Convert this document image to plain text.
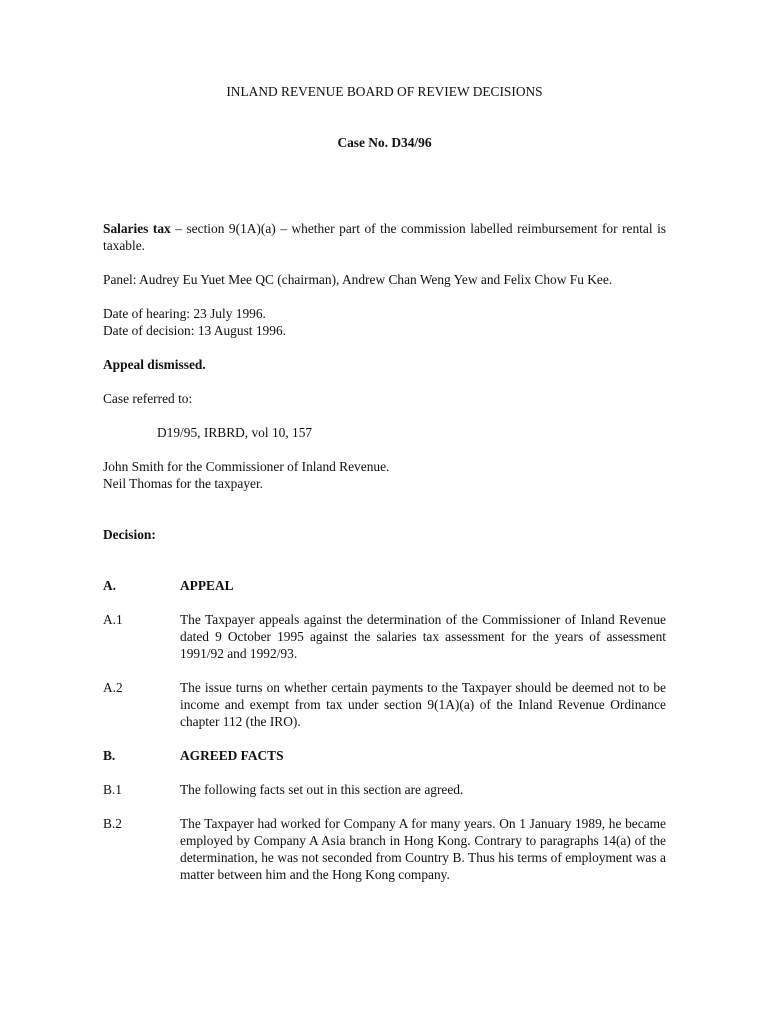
INLAND REVENUE BOARD OF REVIEW DECISIONS

Case No. D34/96

Salaries tax – section 9(1A)(a) – whether part of the commission labelled reimbursement for rental is taxable.

Panel: Audrey Eu Yuet Mee QC (chairman), Andrew Chan Weng Yew and Felix Chow Fu Kee.

Date of hearing: 23 July 1996.

Date of decision: 13 August 1996.

Appeal dismissed.

Case referred to:

D19/95, IRBRD, vol 10, 157

John Smith for the Commissioner of Inland Revenue.

Neil Thomas for the taxpayer.

Decision:

A.	APPEAL
A.1	The Taxpayer appeals against the determination of the Commissioner of Inland Revenue dated 9 October 1995 against the salaries tax assessment for the years of assessment 1991/92 and 1992/93.
A.2	The issue turns on whether certain payments to the Taxpayer should be deemed not to be income and exempt from tax under section 9(1A)(a) of the Inland Revenue Ordinance chapter 112 (the IRO).
B.	AGREED FACTS
B.1	The following facts set out in this section are agreed.
B.2	The Taxpayer had worked for Company A for many years. On 1 January 1989, he became employed by Company A Asia branch in Hong Kong. Contrary to paragraphs 14(a) of the determination, he was not seconded from Country B. Thus his terms of employment was a matter between him and the Hong Kong company.
